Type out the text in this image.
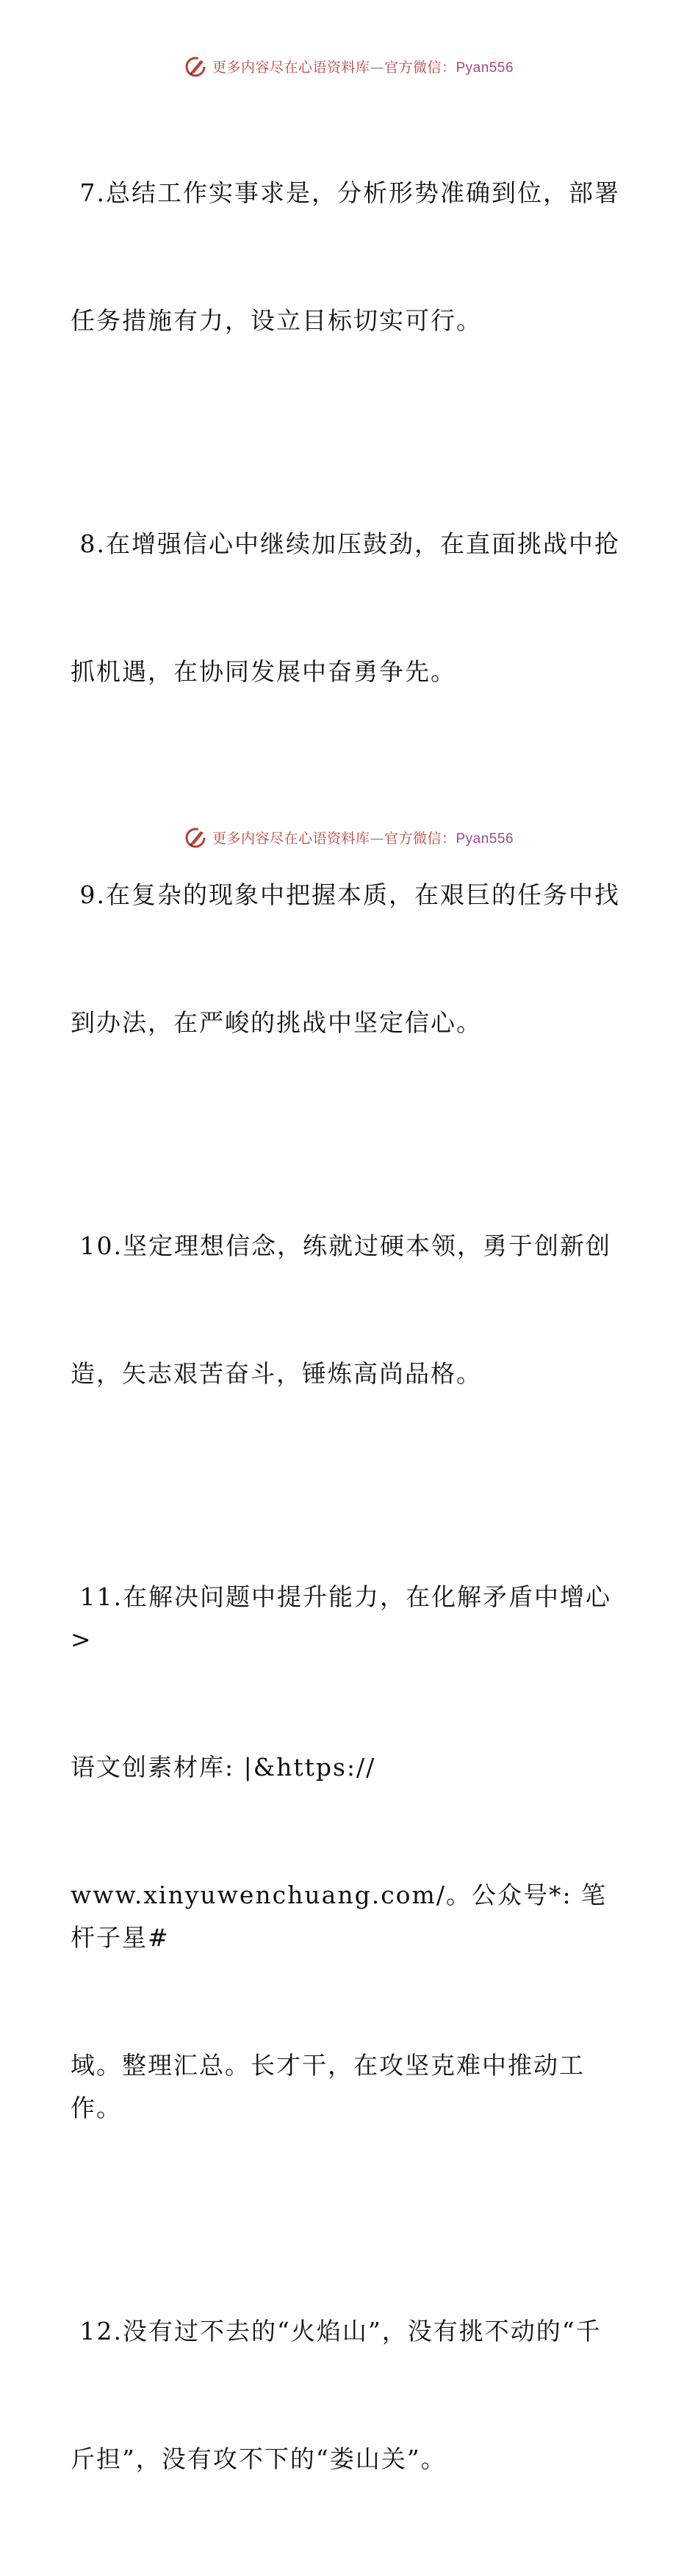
更多内容尽在心语资料库—官方微信：Pyan556

7.总结工作实事求是，分析形势准确到位，部署

任务措施有力，设立目标切实可行。

8.在增强信心中继续加压鼓劲，在直面挑战中抢

抓机遇，在协同发展中奋勇争先。

9.在复杂的现象中把握本质，在艰巨的任务中找

到办法，在严峻的挑战中坚定信心。

10.坚定理想信念，练就过硬本领，勇于创新创

造，矢志艰苦奋斗，锤炼高尚品格。

11.在解决问题中提升能力，在化解矛盾中增心>

语文创素材库: |&https://

www.xinyuwenchuang.com/。公众号*: 笔杆子星#

域。整理汇总。长才干，在攻坚克难中推动工作。

12.没有过不去的“火焰山”，没有挑不动的“千

斤担”，没有攻不下的“娄山关”。

更多内容尽在心语资料库—官方微信：Pyan556
